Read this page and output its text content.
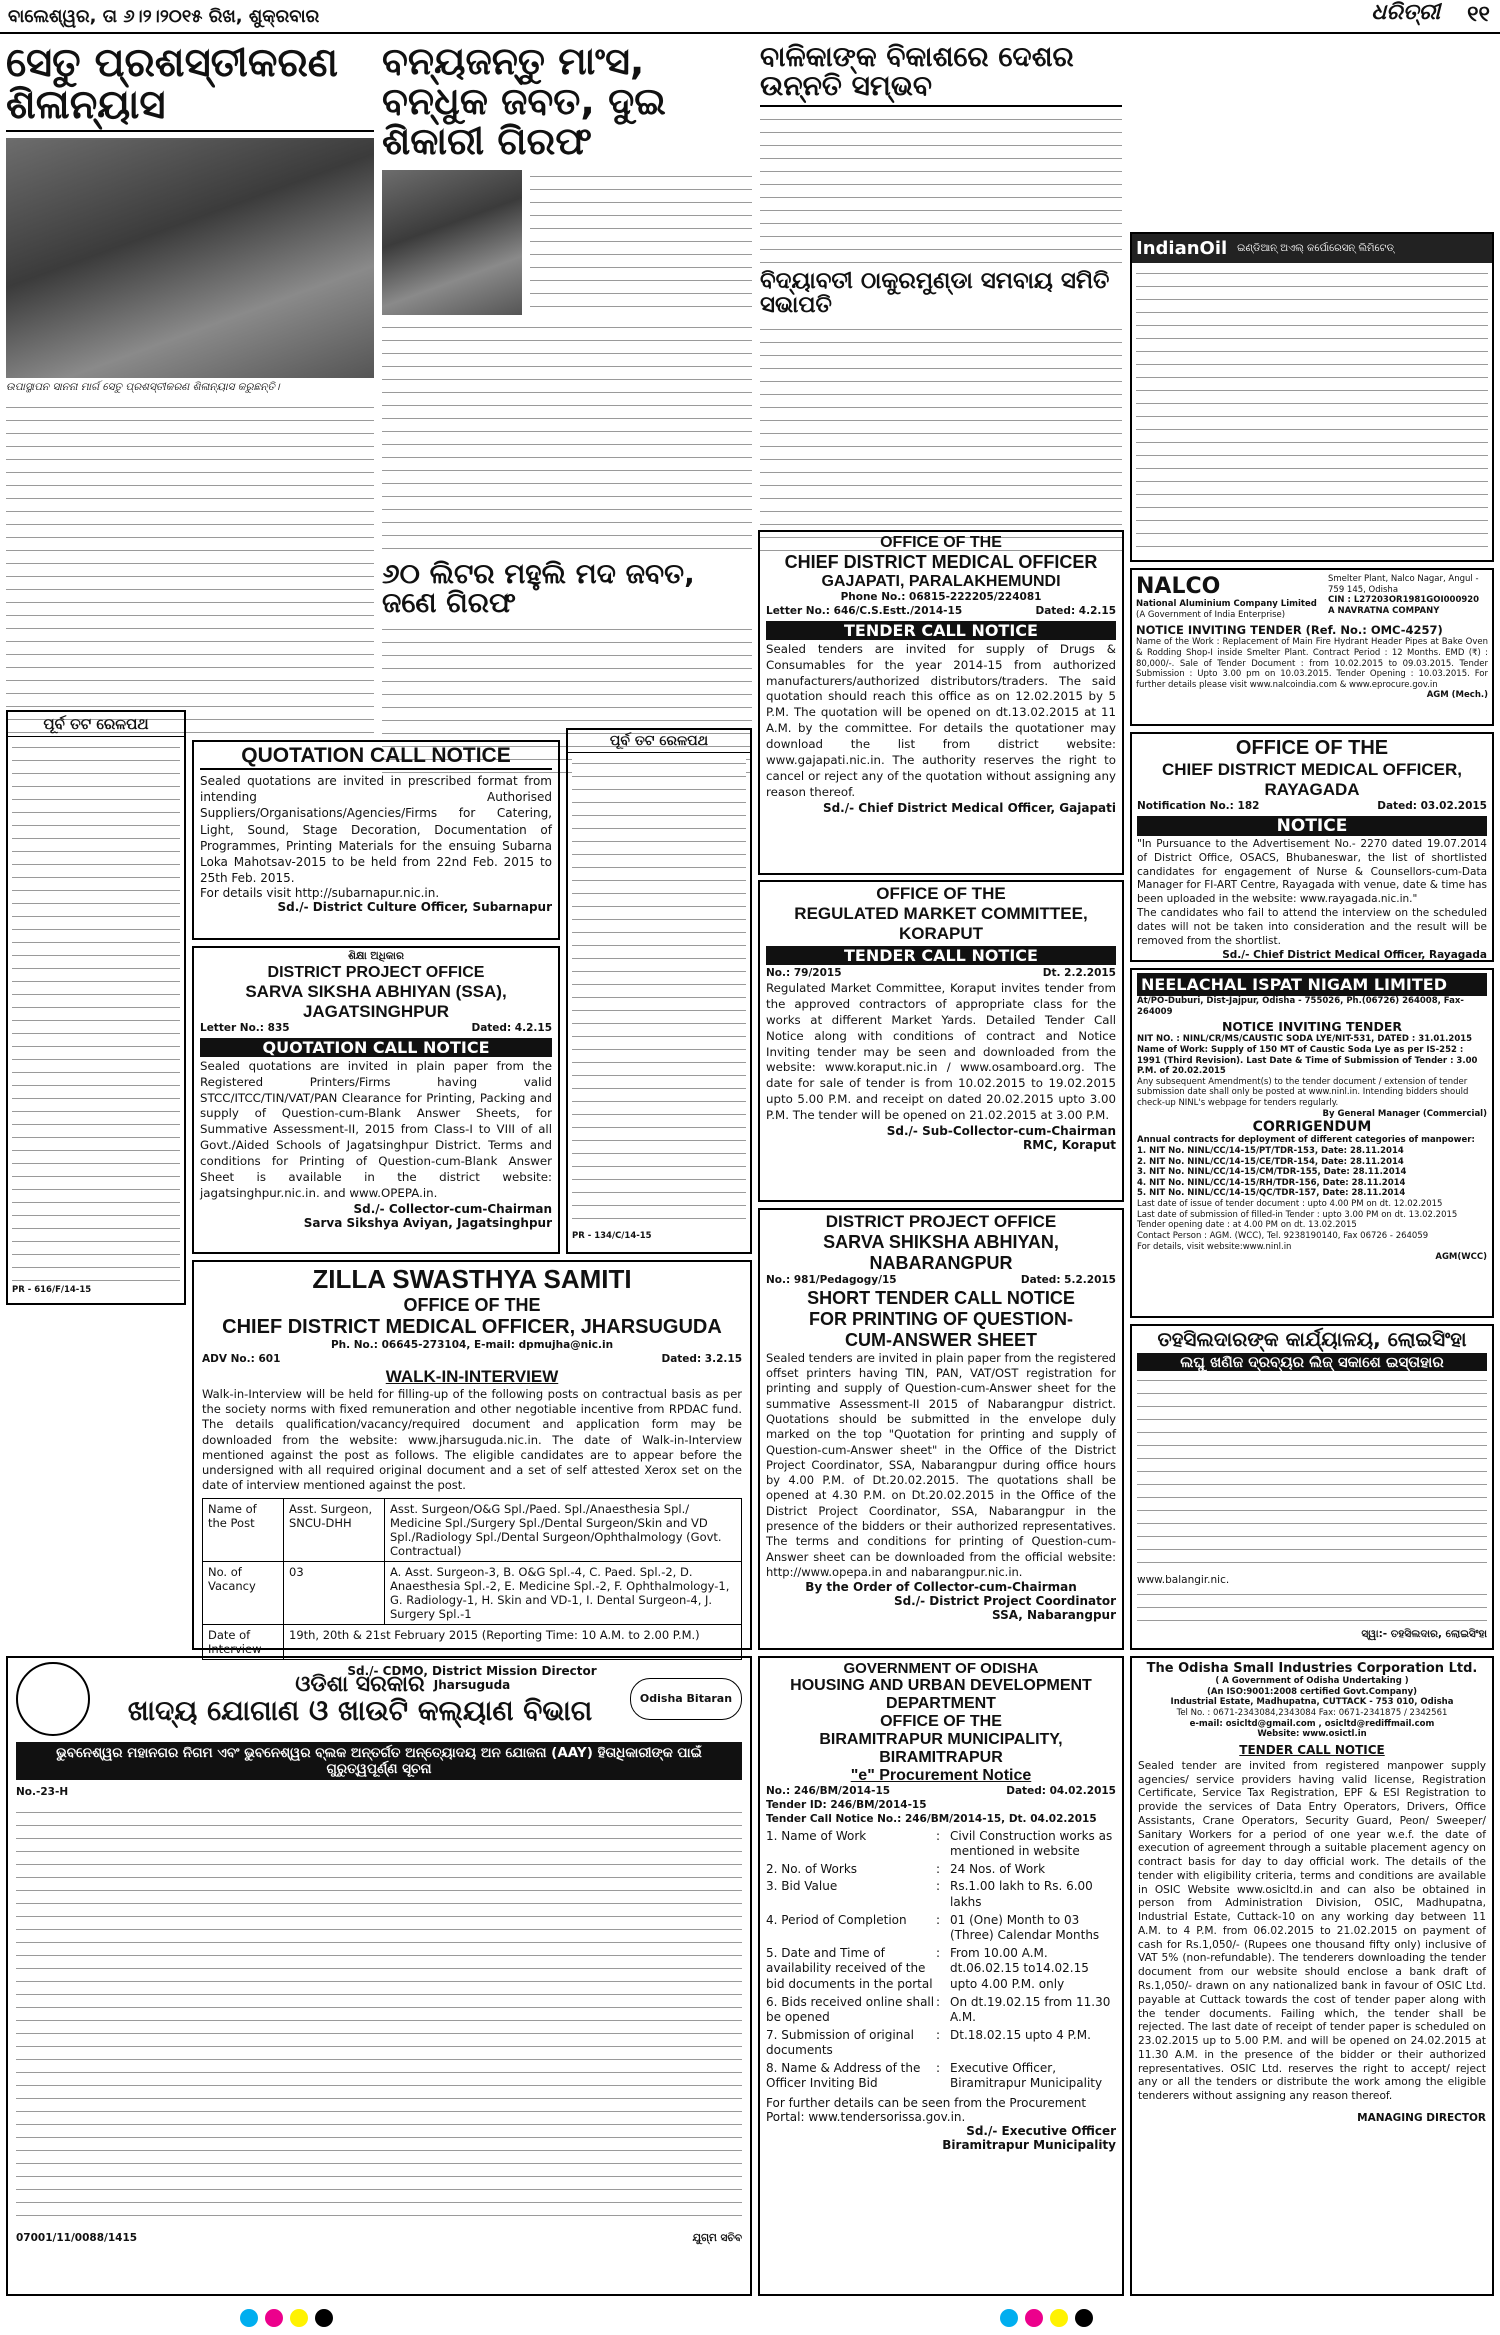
ବାଲେଶ୍ୱର, ତା ୬।୨।୨୦୧୫ ରିଖ, ଶୁକ୍ରବାର	ଧରିତ୍ରୀ ୧୧
ସେତୁ ପ୍ରଶସ୍ତୀକରଣ ଶିଳାନ୍ୟାସ
ଉପାସ୍ଥାପନ ସାନନା ମାର୍ଗ ସେତୁ ପ୍ରଶସ୍ତୀକରଣ ଶିଳାନ୍ୟାସ କରୁଛନ୍ତି।
ବନ୍ୟଜନ୍ତୁ ମାଂସ, ବନ୍ଧୁକ ଜବତ, ଦୁଇ ଶିକାରୀ ଗିରଫ
୬୦ ଲିଟର ମହୁଲି ମଦ ଜବତ, ଜଣେ ଗିରଫ
ବାଳିକାଙ୍କ ବିକାଶରେ ଦେଶର ଉନ୍ନତି ସମ୍ଭବ
ବିଦ୍ୟାବତୀ ଠାକୁରମୁଣ୍ଡା ସମବାୟ ସମିତି ସଭାପତି
IndianOil ଇଣ୍ଡିଆନ୍ ଅଏଲ୍ କର୍ପୋରେସନ୍ ଲିମିଟେଡ୍
NALCO
National Aluminium Company Limited
(A Government of India Enterprise)
Smelter Plant, Nalco Nagar, Angul - 759 145, Odisha
CIN : L27203OR1981GOI000920
A NAVRATNA COMPANY
NOTICE INVITING TENDER (Ref. No.: OMC-4257)
Name of the Work : Replacement of Main Fire Hydrant Header Pipes at Bake Oven & Rodding Shop-I inside Smelter Plant. Contract Period : 12 Months. EMD (₹) : 80,000/-. Sale of Tender Document : from 10.02.2015 to 09.03.2015. Tender Submission : Upto 3.00 pm on 10.03.2015. Tender Opening : 10.03.2015. For further details please visit www.nalcoindia.com & www.eprocure.gov.in
AGM (Mech.)
OFFICE OF THE
CHIEF DISTRICT MEDICAL OFFICER, RAYAGADA
Notification No.: 182	Dated: 03.02.2015
NOTICE
"In Pursuance to the Advertisement No.- 2270 dated 19.07.2014 of District Office, OSACS, Bhubaneswar, the list of shortlisted candidates for engagement of Nurse & Counsellors-cum-Data Manager for FI-ART Centre, Rayagada with venue, date & time has been uploaded in the website: www.rayagada.nic.in."
The candidates who fail to attend the interview on the scheduled dates will not be taken into consideration and the result will be removed from the shortlist.
Sd./- Chief District Medical Officer, Rayagada
NEELACHAL ISPAT NIGAM LIMITED
At/PO-Duburi, Dist-Jajpur, Odisha - 755026, Ph.(06726) 264008, Fax- 264009
NOTICE INVITING TENDER
NIT NO. : NINL/CR/MS/CAUSTIC SODA LYE/NIT-531, DATED : 31.01.2015
Name of Work: Supply of 150 MT of Caustic Soda Lye as per IS-252 : 1991 (Third Revision). Last Date & Time of Submission of Tender : 3.00 P.M. of 20.02.2015
Any subsequent Amendment(s) to the tender document / extension of tender submission date shall only be posted at www.ninl.in. Intending bidders should check-up NINL's webpage for tenders regularly.
By General Manager (Commercial)
CORRIGENDUM
Annual contracts for deployment of different categories of manpower:
1. NIT No. NINL/CC/14-15/PT/TDR-153, Date: 28.11.2014
2. NIT No. NINL/CC/14-15/CE/TDR-154, Date: 28.11.2014
3. NIT No. NINL/CC/14-15/CM/TDR-155, Date: 28.11.2014
4. NIT No. NINL/CC/14-15/RH/TDR-156, Date: 28.11.2014
5. NIT No. NINL/CC/14-15/QC/TDR-157, Date: 28.11.2014
Last date of issue of tender document : upto 4.00 PM on dt. 12.02.2015
Last date of submission of filled-in Tender : upto 3.00 PM on dt. 13.02.2015
Tender opening date : at 4.00 PM on dt. 13.02.2015
Contact Person : AGM. (WCC), Tel. 9238190140, Fax 06726 - 264059
For details, visit website:www.ninl.in
AGM(WCC)
ପୂର୍ବ ତଟ ରେଳପଥ
PR - 616/F/14-15
QUOTATION CALL NOTICE
Sealed quotations are invited in prescribed format from intending Authorised Suppliers/Organisations/Agencies/Firms for Catering, Light, Sound, Stage Decoration, Documentation of Programmes, Printing Materials for the ensuing Subarna Loka Mahotsav-2015 to be held from 22nd Feb. 2015 to 25th Feb. 2015.
For details visit http://subarnapur.nic.in.
Sd./- District Culture Officer, Subarnapur
ଶିକ୍ଷା ଅଧିକାର
DISTRICT PROJECT OFFICE
SARVA SIKSHA ABHIYAN (SSA), JAGATSINGHPUR
Letter No.: 835	Dated: 4.2.15
QUOTATION CALL NOTICE
Sealed quotations are invited in plain paper from the Registered Printers/Firms having valid STCC/ITCC/TIN/VAT/PAN Clearance for Printing, Packing and supply of Question-cum-Blank Answer Sheets, for Summative Assessment-II, 2015 from Class-I to VIII of all Govt./Aided Schools of Jagatsinghpur District. Terms and conditions for Printing of Question-cum-Blank Answer Sheet is available in the district website: jagatsinghpur.nic.in. and www.OPEPA.in.
Sd./- Collector-cum-Chairman
Sarva Sikshya Aviyan, Jagatsinghpur
ପୂର୍ବ ତଟ ରେଳପଥ
PR - 134/C/14-15
OFFICE OF THE
CHIEF DISTRICT MEDICAL OFFICER
GAJAPATI, PARALAKHEMUNDI
Phone No.: 06815-222205/224081
Letter No.: 646/C.S.Estt./2014-15	Dated: 4.2.15
TENDER CALL NOTICE
Sealed tenders are invited for supply of Drugs & Consumables for the year 2014-15 from authorized manufacturers/authorized distributors/traders. The said quotation should reach this office as on 12.02.2015 by 5 P.M. The quotation will be opened on dt.13.02.2015 at 11 A.M. by the committee. For details the quotationer may download the list from district website: www.gajapati.nic.in. The authority reserves the right to cancel or reject any of the quotation without assigning any reason thereof.
Sd./- Chief District Medical Officer, Gajapati
OFFICE OF THE
REGULATED MARKET COMMITTEE, KORAPUT
TENDER CALL NOTICE
No.: 79/2015	Dt. 2.2.2015
Regulated Market Committee, Koraput invites tender from the approved contractors of appropriate class for the works at different Market Yards. Detailed Tender Call Notice along with conditions of contract and Notice Inviting tender may be seen and downloaded from the website: www.koraput.nic.in / www.osamboard.org. The date for sale of tender is from 10.02.2015 to 19.02.2015 upto 5.00 P.M. and receipt on dated 20.02.2015 upto 3.00 P.M. The tender will be opened on 21.02.2015 at 3.00 P.M.
Sd./- Sub-Collector-cum-Chairman
RMC, Koraput
ZILLA SWASTHYA SAMITI
OFFICE OF THE
CHIEF DISTRICT MEDICAL OFFICER, JHARSUGUDA
Ph. No.: 06645-273104, E-mail: dpmujha@nic.in
ADV No.: 601	Dated: 3.2.15
WALK-IN-INTERVIEW
Walk-in-Interview will be held for filling-up of the following posts on contractual basis as per the society norms with fixed remuneration and other negotiable incentive from RPDAC fund. The details qualification/vacancy/required document and application form may be downloaded from the website: www.jharsuguda.nic.in. The date of Walk-in-Interview mentioned against the post as follows. The eligible candidates are to appear before the undersigned with all required original document and a set of self attested Xerox set on the date of interview mentioned against the post.
Name of the Post	Asst. Surgeon, SNCU-DHH	Asst. Surgeon/O&G Spl./Paed. Spl./Anaesthesia Spl./ Medicine Spl./Surgery Spl./Dental Surgeon/Skin and VD Spl./Radiology Spl./Dental Surgeon/Ophthalmology (Govt. Contractual)
No. of Vacancy	03	A. Asst. Surgeon-3, B. O&G Spl.-4, C. Paed. Spl.-2, D. Anaesthesia Spl.-2, E. Medicine Spl.-2, F. Ophthalmology-1, G. Radiology-1, H. Skin and VD-1, I. Dental Surgeon-4, J. Surgery Spl.-1
Date of Interview	19th, 20th & 21st February 2015 (Reporting Time: 10 A.M. to 2.00 P.M.)	
Sd./- CDMO, District Mission Director
Jharsuguda
DISTRICT PROJECT OFFICE
SARVA SHIKSHA ABHIYAN, NABARANGPUR
No.: 981/Pedagogy/15	Dated: 5.2.2015
SHORT TENDER CALL NOTICE
FOR PRINTING OF QUESTION-
CUM-ANSWER SHEET
Sealed tenders are invited in plain paper from the registered offset printers having TIN, PAN, VAT/OST registration for printing and supply of Question-cum-Answer sheet for the summative Assessment-II 2015 of Nabarangpur district. Quotations should be submitted in the envelope duly marked on the top "Quotation for printing and supply of Question-cum-Answer sheet" in the Office of the District Project Coordinator, SSA, Nabarangpur during office hours by 4.00 P.M. of Dt.20.02.2015. The quotations shall be opened at 4.30 P.M. on Dt.20.02.2015 in the Office of the District Project Coordinator, SSA, Nabarangpur in the presence of the bidders or their authorized representatives. The terms and conditions for printing of Question-cum-Answer sheet can be downloaded from the official website: http://www.opepa.in and nabarangpur.nic.in.
By the Order of Collector-cum-Chairman
Sd./- District Project Coordinator
SSA, Nabarangpur
ତହସିଲଦାରଙ୍କ କାର୍ଯ୍ୟାଳୟ, ଲୋଇସିଂହା
ଲଘୁ ଖଣିଜ ଦ୍ରବ୍ୟର ଲିଜ୍ ସକାଶେ ଇସ୍ତାହାର
www.balangir.nic.
ସ୍ୱା:- ତହସିଲଦାର, ଲୋଇସିଂହା
ଓଡିଶା ସରକାର
ଖାଦ୍ୟ ଯୋଗାଣ ଓ ଖାଉଟି କଲ୍ୟାଣ ବିଭାଗ	Odisha Bitaran
ଭୁବନେଶ୍ୱର ମହାନଗର ନିଗମ ଏବଂ ଭୁବନେଶ୍ୱର ବ୍ଲକ ଅନ୍ତର୍ଗତ ଅନ୍ତ୍ୟୋଦୟ ଅନ ଯୋଜନା (AAY) ହିତାଧିକାରୀଙ୍କ ପାଇଁ ଗୁରୁତ୍ୱପୂର୍ଣ୍ଣ ସୂଚନା
No.-23-H
07001/11/0088/1415	ଯୁଗ୍ମ ସଚିବ
GOVERNMENT OF ODISHA
HOUSING AND URBAN DEVELOPMENT DEPARTMENT
OFFICE OF THE
BIRAMITRAPUR MUNICIPALITY, BIRAMITRAPUR
"e" Procurement Notice
No.: 246/BM/2014-15	Dated: 04.02.2015
Tender ID: 246/BM/2014-15
Tender Call Notice No.: 246/BM/2014-15, Dt. 04.02.2015
1. Name of Work	: Civil Construction works as mentioned in website
2. No. of Works	: 24 Nos. of Work
3. Bid Value	: Rs.1.00 lakh to Rs. 6.00 lakhs
4. Period of Completion	: 01 (One) Month to 03 (Three) Calendar Months
5. Date and Time of availability received of the bid documents in the portal
: From 10.00 A.M. dt.06.02.15 to14.02.15 upto 4.00 P.M. only
6. Bids received online shall be opened
: On dt.19.02.15 from 11.30 A.M.
7. Submission of original documents
: Dt.18.02.15 upto 4 P.M.
8. Name & Address of the Officer Inviting Bid
: Executive Officer, Biramitrapur Municipality
For further details can be seen from the Procurement Portal: www.tendersorissa.gov.in.
Sd./- Executive Officer
Biramitrapur Municipality
The Odisha Small Industries Corporation Ltd.
( A Government of Odisha Undertaking )
(An ISO:9001:2008 certified Govt.Company)
Industrial Estate, Madhupatna, CUTTACK - 753 010, Odisha
Tel No. : 0671-2343084,2343084 Fax: 0671-2341875 / 2342561
e-mail: osicltd@gmail.com , osicltd@rediffmail.com
Website: www.osictl.in
TENDER CALL NOTICE
Sealed tender are invited from registered manpower supply agencies/ service providers having valid license, Registration Certificate, Service Tax Registration, EPF & ESI Registration to provide the services of Data Entry Operators, Drivers, Office Assistants, Crane Operators, Security Guard, Peon/ Sweeper/ Sanitary Workers for a period of one year w.e.f. the date of execution of agreement through a suitable placement agency on contract basis for day to day official work. The details of the tender with eligibility criteria, terms and conditions are available in OSIC Website www.osicltd.in and can also be obtained in person from Administration Division, OSIC, Madhupatna, Industrial Estate, Cuttack-10 on any working day between 11 A.M. to 4 P.M. from 06.02.2015 to 21.02.2015 on payment of cash for Rs.1,050/- (Rupees one thousand fifty only) inclusive of VAT 5% (non-refundable). The tenderers downloading the tender document from our website should enclose a bank draft of Rs.1,050/- drawn on any nationalized bank in favour of OSIC Ltd. payable at Cuttack towards the cost of tender paper along with the tender documents. Failing which, the tender shall be rejected. The last date of receipt of tender paper is scheduled on 23.02.2015 up to 5.00 P.M. and will be opened on 24.02.2015 at 11.30 A.M. in the presence of the bidder or their authorized representatives. OSIC Ltd. reserves the right to accept/ reject any or all the tenders or distribute the work among the eligible tenderers without assigning any reason thereof.
MANAGING DIRECTOR
